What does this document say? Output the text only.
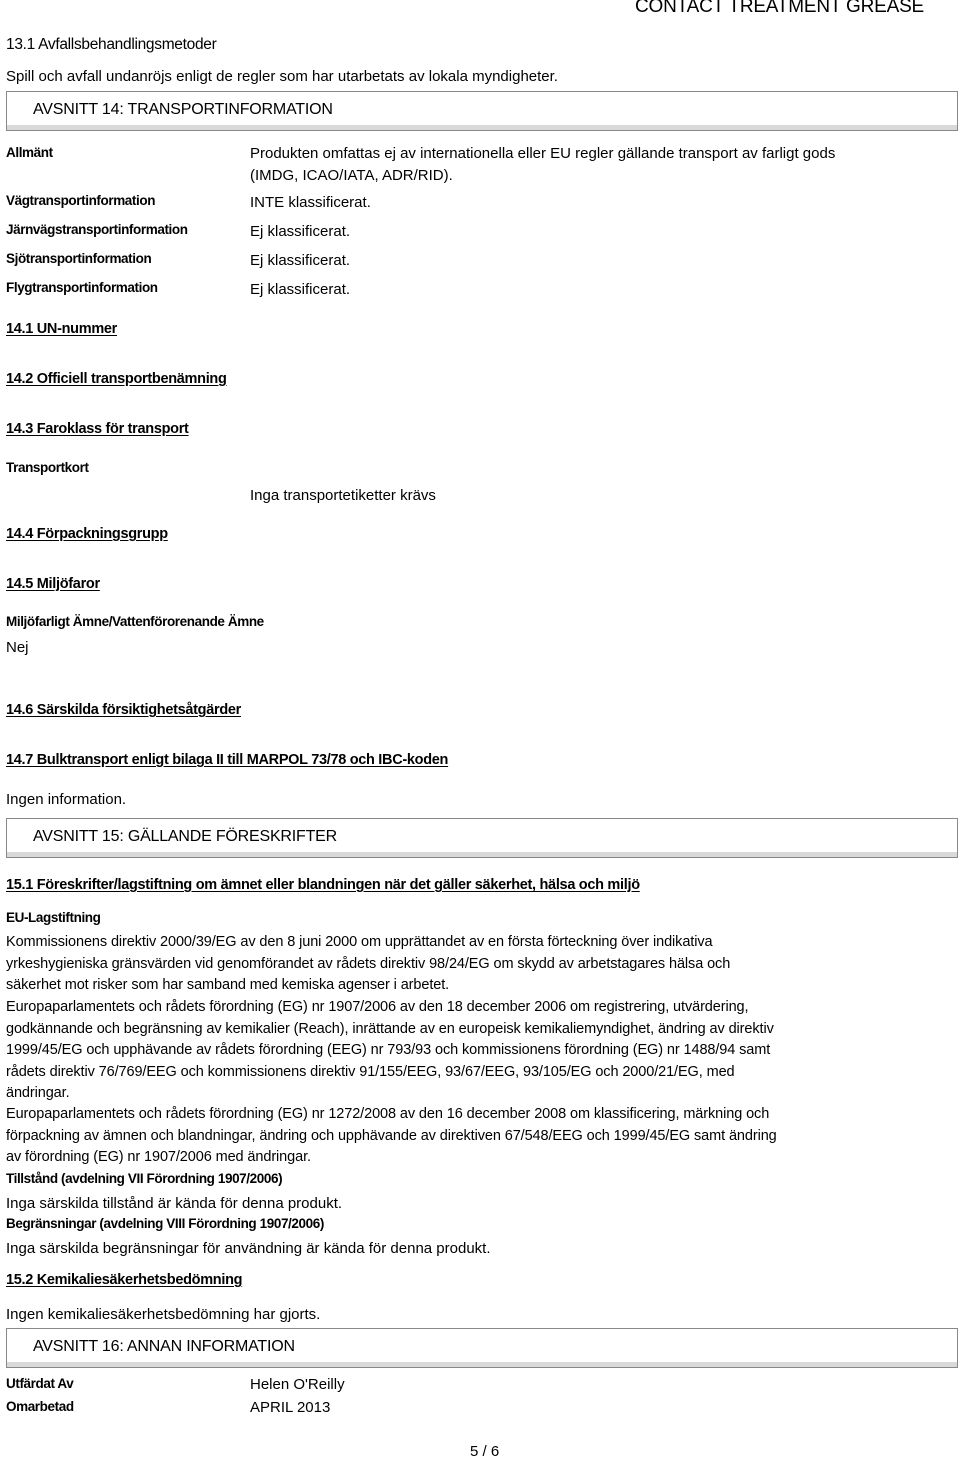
CONTACT TREATMENT GREASE
13.1 Avfallsbehandlingsmetoder
Spill och avfall undanröjs enligt de regler som har utarbetats av lokala myndigheter.
AVSNITT 14: TRANSPORTINFORMATION
Allmänt	Produkten omfattas ej av internationella eller EU regler gällande transport av farligt gods
(IMDG, ICAO/IATA, ADR/RID).
Vägtransportinformation	INTE klassificerat.
Järnvägstransportinformation	Ej klassificerat.
Sjötransportinformation	Ej klassificerat.
Flygtransportinformation	Ej klassificerat.
14.1 UN-nummer
14.2 Officiell transportbenämning
14.3 Faroklass för transport
Transportkort
Inga transportetiketter krävs
14.4 Förpackningsgrupp
14.5 Miljöfaror
Miljöfarligt Ämne/Vattenförorenande Ämne
Nej
14.6 Särskilda försiktighetsåtgärder
14.7 Bulktransport enligt bilaga II till MARPOL 73/78 och IBC-koden
Ingen information.
AVSNITT 15: GÄLLANDE FÖRESKRIFTER
15.1 Föreskrifter/lagstiftning om ämnet eller blandningen när det gäller säkerhet, hälsa och miljö
EU-Lagstiftning
Kommissionens direktiv 2000/39/EG av den 8 juni 2000 om upprättandet av en första förteckning över indikativa
yrkeshygieniska gränsvärden vid genomförandet av rådets direktiv 98/24/EG om skydd av arbetstagares hälsa och
säkerhet mot risker som har samband med kemiska agenser i arbetet.
Europaparlamentets och rådets förordning (EG) nr 1907/2006 av den 18 december 2006 om registrering, utvärdering,
godkännande och begränsning av kemikalier (Reach), inrättande av en europeisk kemikaliemyndighet, ändring av direktiv
1999/45/EG och upphävande av rådets förordning (EEG) nr 793/93 och kommissionens förordning (EG) nr 1488/94 samt
rådets direktiv 76/769/EEG och kommissionens direktiv 91/155/EEG, 93/67/EEG, 93/105/EG och 2000/21/EG, med
ändringar.
Europaparlamentets och rådets förordning (EG) nr 1272/2008 av den 16 december 2008 om klassificering, märkning och
förpackning av ämnen och blandningar, ändring och upphävande av direktiven 67/548/EEG och 1999/45/EG samt ändring
av förordning (EG) nr 1907/2006 med ändringar.
Tillstånd (avdelning VII Förordning 1907/2006)
Inga särskilda tillstånd är kända för denna produkt.
Begränsningar (avdelning VIII Förordning 1907/2006)
Inga särskilda begränsningar för användning är kända för denna produkt.
15.2 Kemikaliesäkerhetsbedömning
Ingen kemikaliesäkerhetsbedömning har gjorts.
AVSNITT 16: ANNAN INFORMATION
Utfärdat Av	Helen O'Reilly
Omarbetad	APRIL 2013
5 / 6
